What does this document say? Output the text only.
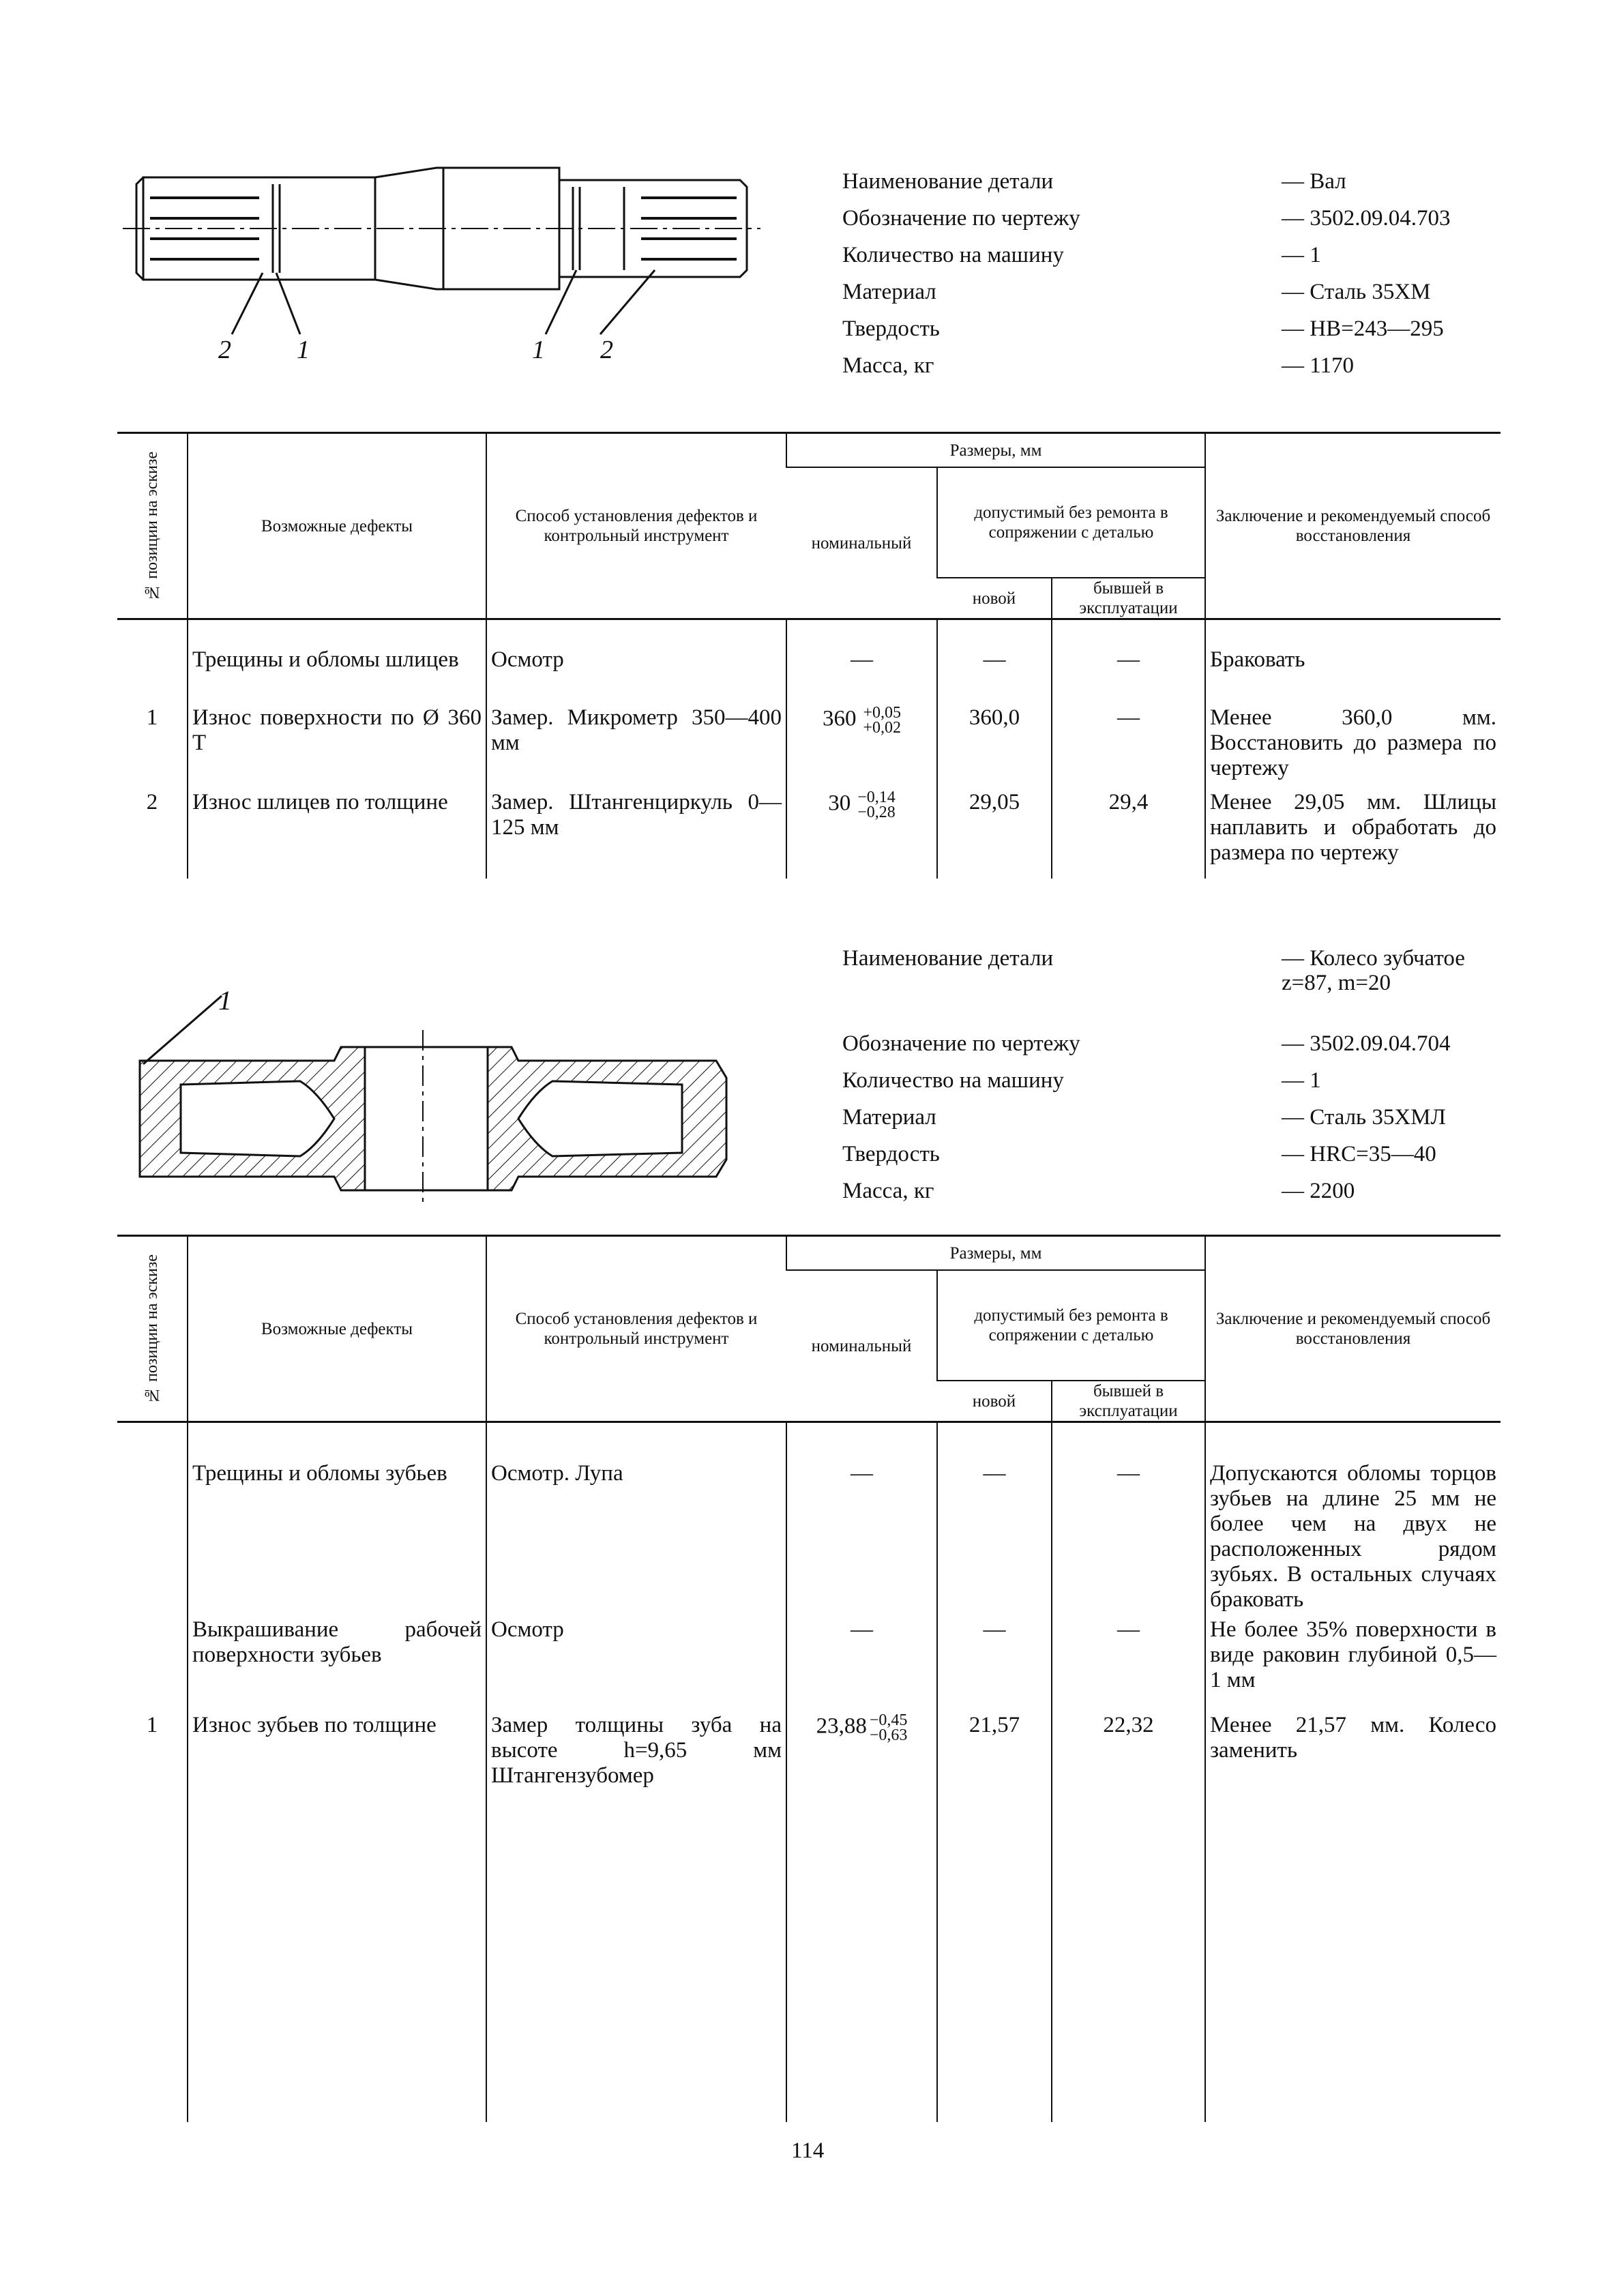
2	1	1 2
Наименование детали	— Вал
Обозначение по чертежу	— 3502.09.04.703
Количество на машину	— 1
Материал	— Сталь 35ХМ
Твердость	— НВ=243—295
Масса, кг	— 1170
№ позиции на эскизе	Возможные дефекты	Способ установления дефектов и контрольный инструмент	Размеры, мм			Заключение и рекомендуемый способ восстановления
			номинальный	допустимый без ремонта в сопряжении с деталью		
				новой	бывшей в эксплуатации	
	Трещины и обломы шлицев	Осмотр	—	—	—	Браковать
1	Износ поверхности по Ø 360 Т	Замер. Микрометр 350—400 мм	360 +0,05
+0,02	360,0	—	Менее 360,0 мм. Восстановить до размера по чертежу
2	Износ шлицев по толщине	Замер. Штангенциркуль 0—125 мм	30 −0,14
−0,28	29,05	29,4	Менее 29,05 мм. Шлицы наплавить и обработать до размера по чертежу
1
Наименование детали	— Колесо зубчатое z=87, m=20
Обозначение по чертежу	— 3502.09.04.704
Количество на машину	— 1
Материал	— Сталь 35ХМЛ
Твердость	— HRC=35—40
Масса, кг	— 2200
№ позиции на эскизе	Возможные дефекты	Способ установления дефектов и контрольный инструмент	Размеры, мм			Заключение и рекомендуемый способ восстановления
			номинальный	допустимый без ремонта в сопряжении с деталью		
				новой	бывшей в эксплуатации	
	Трещины и обломы зубьев	Осмотр. Лупа	—	—	—	Допускаются обломы торцов зубьев на длине 25 мм не более чем на двух не расположенных рядом зубьях. В остальных случаях браковать
	Выкрашивание рабочей поверхности зубьев	Осмотр	—	—	—	Не более 35% поверхности в виде раковин глубиной 0,5—1 мм
1	Износ зубьев по толщине	Замер толщины зуба на высоте h=9,65 мм Штангензубомер	23,88 −0,45
−0,63	21,57	22,32	Менее 21,57 мм. Колесо заменить
114
